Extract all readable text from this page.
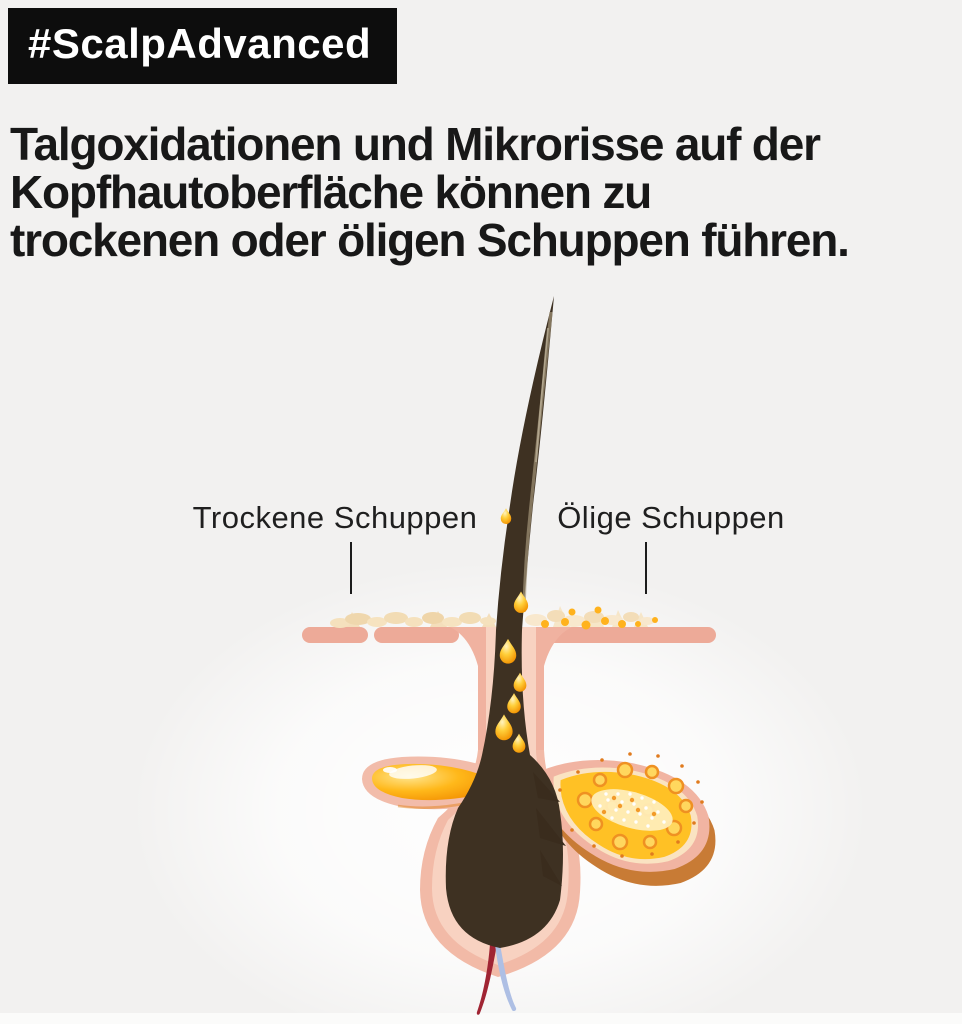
#ScalpAdvanced
Talgoxidationen und Mikrorisse auf der
Kopfhautoberfläche können zu
trockenen oder öligen Schuppen führen.
Trockene Schuppen	Ölige Schuppen
